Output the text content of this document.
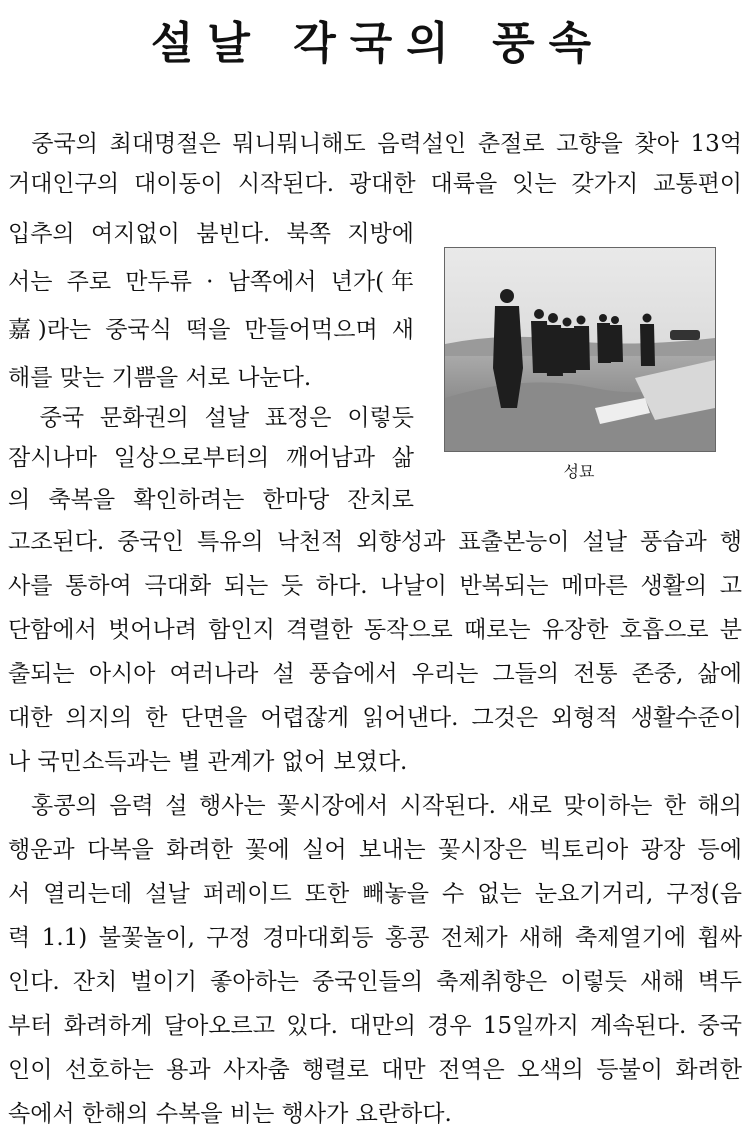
설날 각국의 풍속
중국의 최대명절은 뭐니뭐니해도 음력설인 춘절로 고향을 찾아 13억
거대인구의 대이동이 시작된다. 광대한 대륙을 잇는 갖가지 교통편이
입추의 여지없이 붐빈다. 북쪽 지방에
서는 주로 만두류 · 남쪽에서 년가(年
嘉)라는 중국식 떡을 만들어먹으며 새
해를 맞는 기쁨을 서로 나눈다.
중국 문화권의 설날 표정은 이렇듯
잠시나마 일상으로부터의 깨어남과 삶
의 축복을 확인하려는 한마당 잔치로
고조된다. 중국인 특유의 낙천적 외향성과 표출본능이 설날 풍습과 행
사를 통하여 극대화 되는 듯 하다. 나날이 반복되는 메마른 생활의 고
단함에서 벗어나려 함인지 격렬한 동작으로 때로는 유장한 호흡으로 분
출되는 아시아 여러나라 설 풍습에서 우리는 그들의 전통 존중, 삶에
대한 의지의 한 단면을 어렵잖게 읽어낸다. 그것은 외형적 생활수준이
나 국민소득과는 별 관계가 없어 보였다.
홍콩의 음력 설 행사는 꽃시장에서 시작된다. 새로 맞이하는 한 해의
행운과 다복을 화려한 꽃에 실어 보내는 꽃시장은 빅토리아 광장 등에
서 열리는데 설날 퍼레이드 또한 빼놓을 수 없는 눈요기거리, 구정(음
력 1.1) 불꽃놀이, 구정 경마대회등 홍콩 전체가 새해 축제열기에 휩싸
인다. 잔치 벌이기 좋아하는 중국인들의 축제취향은 이렇듯 새해 벽두
부터 화려하게 달아오르고 있다. 대만의 경우 15일까지 계속된다. 중국
인이 선호하는 용과 사자춤 행렬로 대만 전역은 오색의 등불이 화려한
속에서 한해의 수복을 비는 행사가 요란하다.
성묘
